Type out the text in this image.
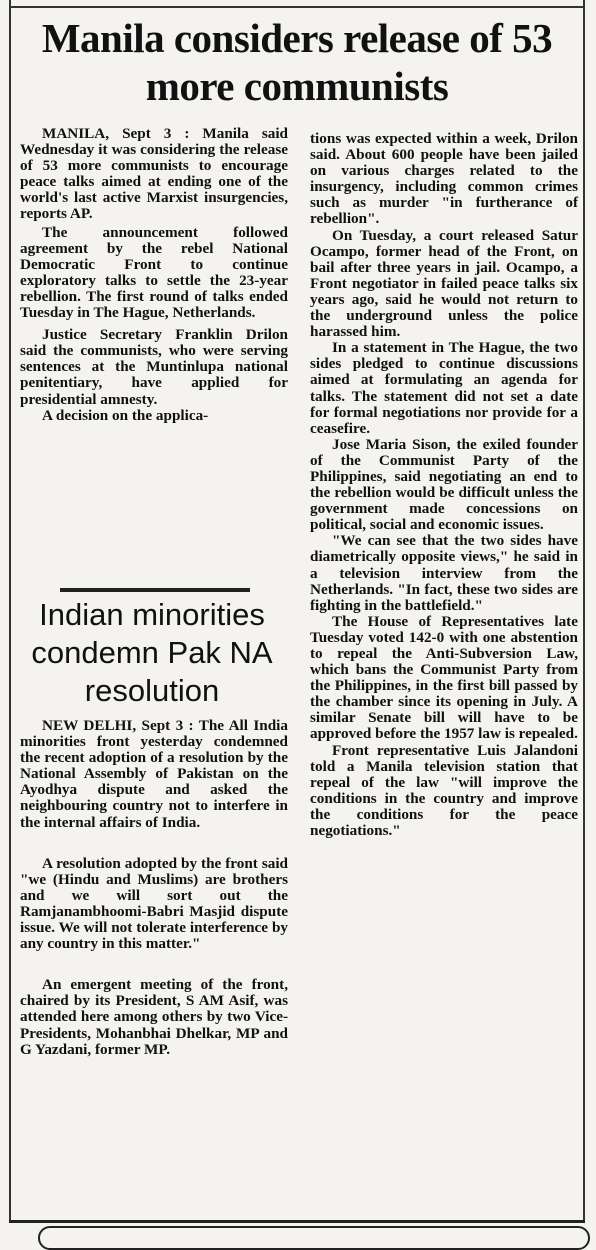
Manila considers release of 53 more communists

MANILA, Sept 3 : Manila said Wednesday it was considering the release of 53 more communists to encourage peace talks aimed at ending one of the world's last active Marxist insurgencies, reports AP.

The announcement followed agreement by the rebel National Democratic Front to continue exploratory talks to settle the 23-year rebellion. The first round of talks ended Tuesday in The Hague, Netherlands.

Justice Secretary Franklin Drilon said the communists, who were serving sentences at the Muntinlupa national penitentiary, have applied for presidential amnesty.

A decision on the applica-

tions was expected within a week, Drilon said. About 600 people have been jailed on various charges related to the insurgency, including common crimes such as murder "in furtherance of rebellion".

On Tuesday, a court released Satur Ocampo, former head of the Front, on bail after three years in jail. Ocampo, a Front negotiator in failed peace talks six years ago, said he would not return to the underground unless the police harassed him.

In a statement in The Hague, the two sides pledged to continue discussions aimed at formulating an agenda for talks. The statement did not set a date for formal negotiations nor provide for a ceasefire.

Jose Maria Sison, the exiled founder of the Communist Party of the Philippines, said negotiating an end to the rebellion would be difficult unless the government made concessions on political, social and economic issues.

"We can see that the two sides have diametrically opposite views," he said in a television interview from the Netherlands. "In fact, these two sides are fighting in the battlefield."

The House of Representatives late Tuesday voted 142-0 with one abstention to repeal the Anti-Subversion Law, which bans the Communist Party from the Philippines, in the first bill passed by the chamber since its opening in July. A similar Senate bill will have to be approved before the 1957 law is repealed.

Front representative Luis Jalandoni told a Manila television station that repeal of the law "will improve the conditions in the country and improve the conditions for the peace negotiations."

Indian minorities condemn Pak NA resolution

NEW DELHI, Sept 3 : The All India minorities front yesterday condemned the recent adoption of a resolution by the National Assembly of Pakistan on the Ayodhya dispute and asked the neighbouring country not to interfere in the internal affairs of India.

A resolution adopted by the front said "we (Hindu and Muslims) are brothers and we will sort out the Ramjanambhoomi-Babri Masjid dispute issue. We will not tolerate interference by any country in this matter."

An emergent meeting of the front, chaired by its President, S AM Asif, was attended here among others by two Vice-Presidents, Mohanbhai Dhelkar, MP and G Yazdani, former MP.
